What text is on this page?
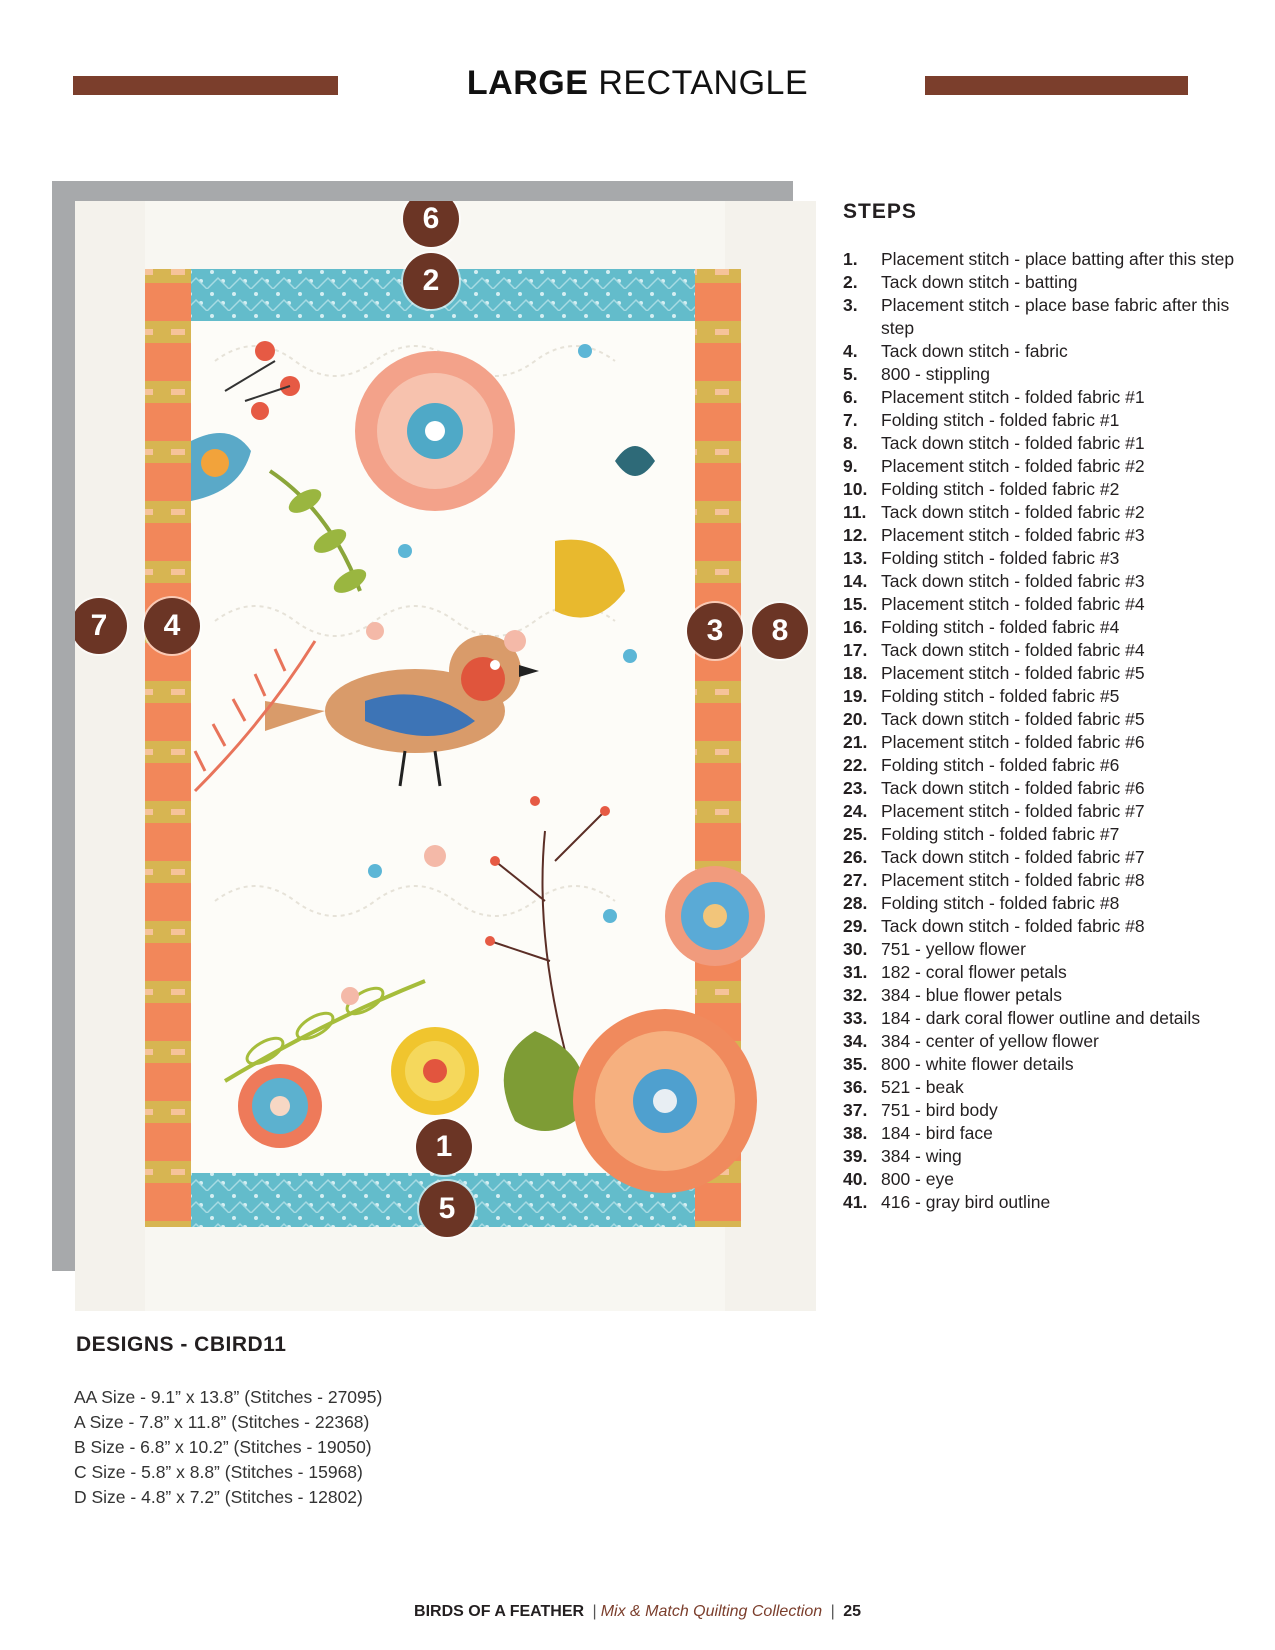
LARGE RECTANGLE
6
2
7	4	3	8
1
5
STEPS
1.	Placement stitch - place batting after this step
2.	Tack down stitch - batting
3.	Placement stitch - place base fabric after this step
4.	Tack down stitch - fabric
5.	800 - stippling
6.	Placement stitch - folded fabric #1
7.	Folding stitch - folded fabric #1
8.	Tack down stitch - folded fabric #1
9.	Placement stitch - folded fabric #2
10. Folding stitch - folded fabric #2
11. Tack down stitch - folded fabric #2
12. Placement stitch - folded fabric #3
13. Folding stitch - folded fabric #3
14. Tack down stitch - folded fabric #3
15. Placement stitch - folded fabric #4
16. Folding stitch - folded fabric #4
17. Tack down stitch - folded fabric #4
18. Placement stitch - folded fabric #5
19. Folding stitch - folded fabric #5
20. Tack down stitch - folded fabric #5
21. Placement stitch - folded fabric #6
22. Folding stitch - folded fabric #6
23. Tack down stitch - folded fabric #6
24. Placement stitch - folded fabric #7
25. Folding stitch - folded fabric #7
26. Tack down stitch - folded fabric #7
27. Placement stitch - folded fabric #8
28. Folding stitch - folded fabric #8
29. Tack down stitch - folded fabric #8
30. 751 - yellow flower
31. 182 - coral flower petals
32. 384 - blue flower petals
33. 184 - dark coral flower outline and details
34. 384 - center of yellow flower
35. 800 - white flower details
36. 521 - beak
37. 751 - bird body
38. 184 - bird face
39. 384 - wing
40. 800 - eye
41. 416 - gray bird outline
DESIGNS - CBIRD11
AA Size - 9.1” x 13.8” (Stitches - 27095)
A Size - 7.8” x 11.8” (Stitches - 22368)
B Size - 6.8” x 10.2” (Stitches - 19050)
C Size - 5.8” x 8.8” (Stitches - 15968)
D Size - 4.8” x 7.2” (Stitches - 12802)
BIRDS OF A FEATHER | Mix & Match Quilting Collection | 25
